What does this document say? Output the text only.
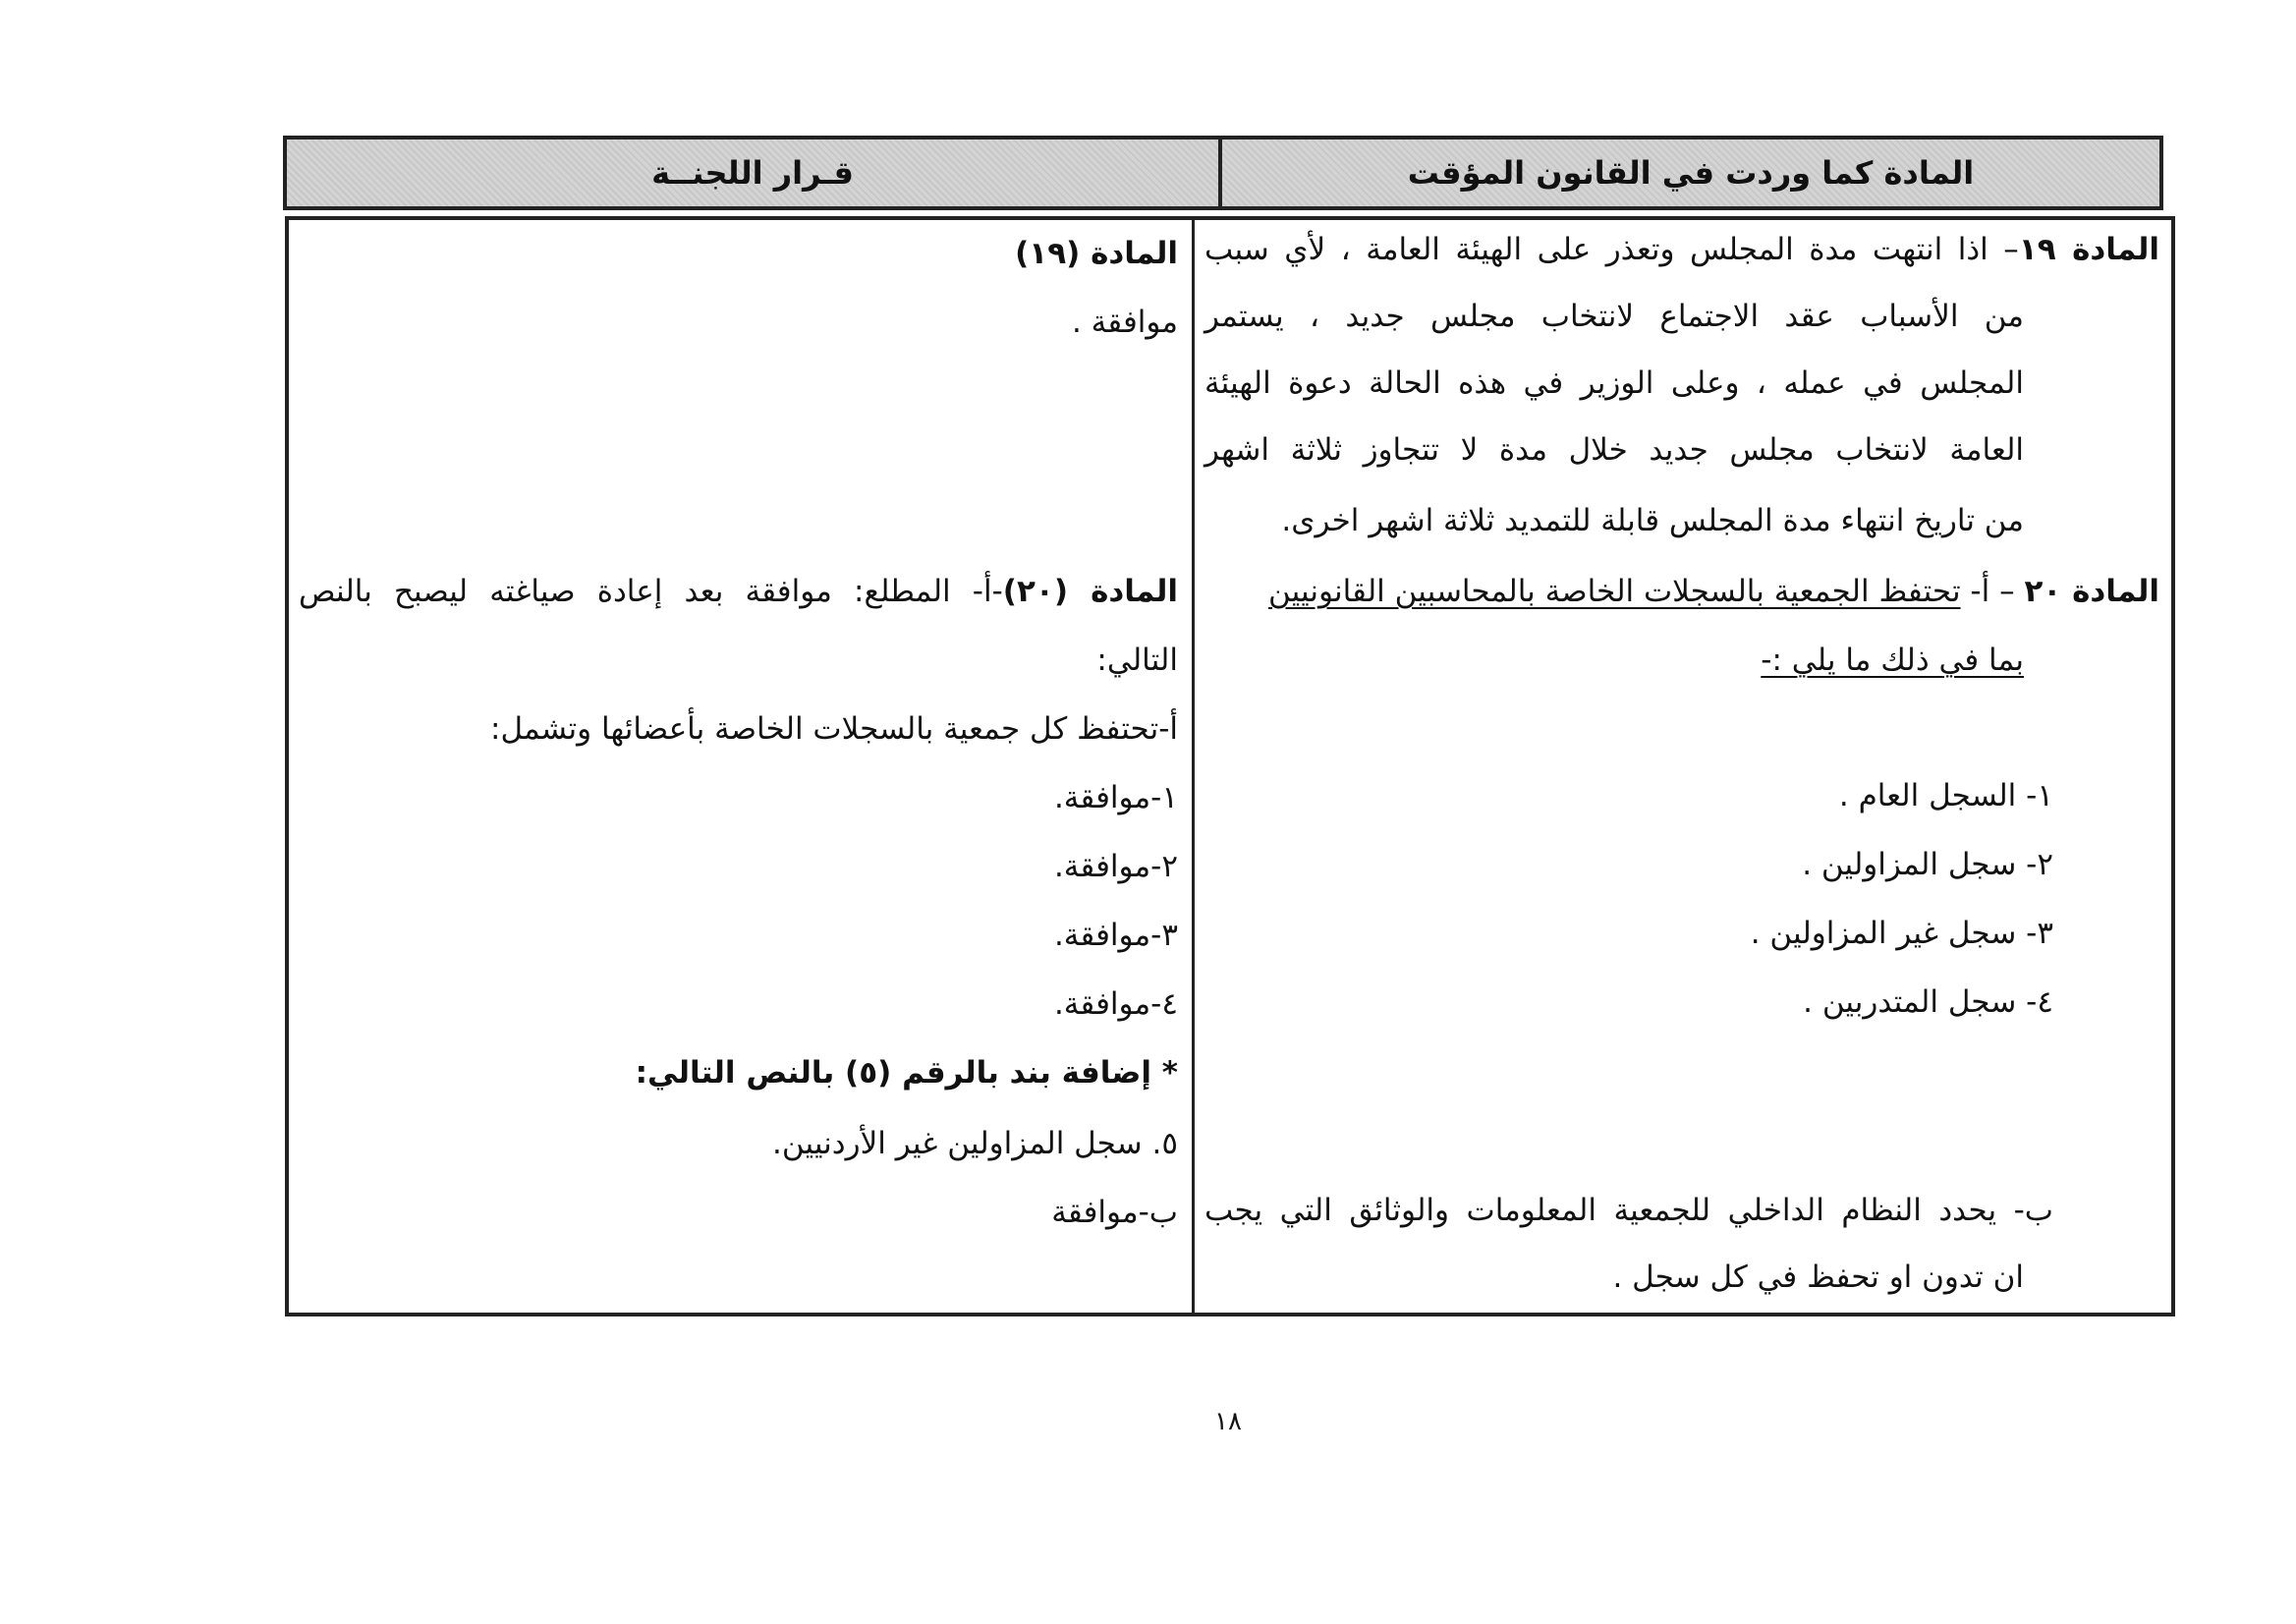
قـرار اللجنــة	المادة كما وردت في القانون المؤقت
المادة ١٩– اذا انتهت مدة المجلس وتعذر على الهيئة العامة ، لأي سبب
من الأسباب عقد الاجتماع لانتخاب مجلس جديد ، يستمر
المجلس في عمله ، وعلى الوزير في هذه الحالة دعوة الهيئة
العامة لانتخاب مجلس جديد خلال مدة لا تتجاوز ثلاثة اشهر
من تاريخ انتهاء مدة المجلس قابلة للتمديد ثلاثة اشهر اخرى.
المادة ٢٠ – أ- تحتفظ الجمعية بالسجلات الخاصة بالمحاسبين القانونيين
بما في ذلك ما يلي :-
١- السجل العام .
٢- سجل المزاولين .
٣- سجل غير المزاولين .
٤- سجل المتدربين .
ب- يحدد النظام الداخلي للجمعية المعلومات والوثائق التي يجب
ان تدون او تحفظ في كل سجل .
المادة (١٩)
موافقة .
المادة (٢٠)-أ- المطلع: موافقة بعد إعادة صياغته ليصبح بالنص
التالي:
أ-تحتفظ كل جمعية بالسجلات الخاصة بأعضائها وتشمل:
١-موافقة.
٢-موافقة.
٣-موافقة.
٤-موافقة.
* إضافة بند بالرقم (٥) بالنص التالي:
٥. سجل المزاولين غير الأردنيين.
ب-موافقة
١٨
